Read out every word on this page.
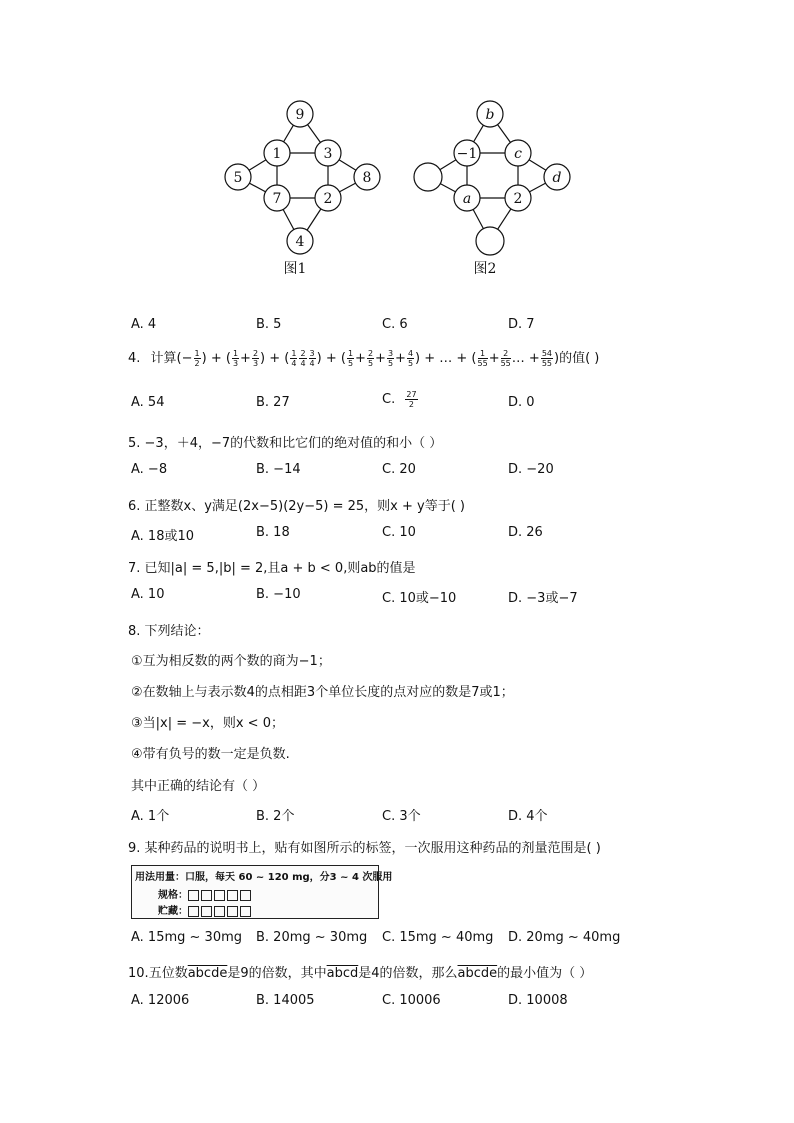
9
1	3
5	8
7	2
4
图1
b
−1	c
d
a	2
图2
A. 4	B. 5	C. 6	D. 7
4. 计算(− $\frac{1}{2}$ ) + ( $\frac{1}{3} + \frac{2}{3}$ ) + ( $\frac{1}{4} \frac{2}{4} \frac{3}{4}$ ) + ( $\frac{1}{5} + \frac{2}{5} + \frac{3}{5} + \frac{4}{5}$ ) + … + ( $\frac{1}{55} + \frac{2}{55}$ … + $\frac{54}{55}$ )的值( )
A. 54	B. 27	C. $\frac{27}{2}$	D. 0
5. −3，＋4，−7的代数和比它们的绝对值的和小（ ）
A. −8	B. −14	C. 20	D. −20
6. 正整数x、y满足(2x−5)(2y−5) = 25，则x + y等于( )
A. 18或10	B. 18	C. 10	D. 26
7. 已知|a| = 5,|b| = 2,且a + b < 0,则ab的值是
A. 10	B. −10	C. 10或−10	D. −3或−7
8. 下列结论：
①互为相反数的两个数的商为−1；
②在数轴上与表示数4的点相距3个单位长度的点对应的数是7或1；
③当|x| = −x，则x < 0；
④带有负号的数一定是负数.
其中正确的结论有（ ）
A. 1个	B. 2个	C. 3个	D. 4个
9. 某种药品的说明书上，贴有如图所示的标签，一次服用这种药品的剂量范围是( )
用法用量：口服，每天 60 ~ 120 mg，分3 ~ 4 次服用
规格：
贮藏：
A. 15mg ~ 30mg B. 20mg ~ 30mg C. 15mg ~ 40mg D. 20mg ~ 40mg
10.五位数abcde是9的倍数，其中abcd是4的倍数，那么abcde的最小值为（ ）
A. 12006	B. 14005	C. 10006	D. 10008
